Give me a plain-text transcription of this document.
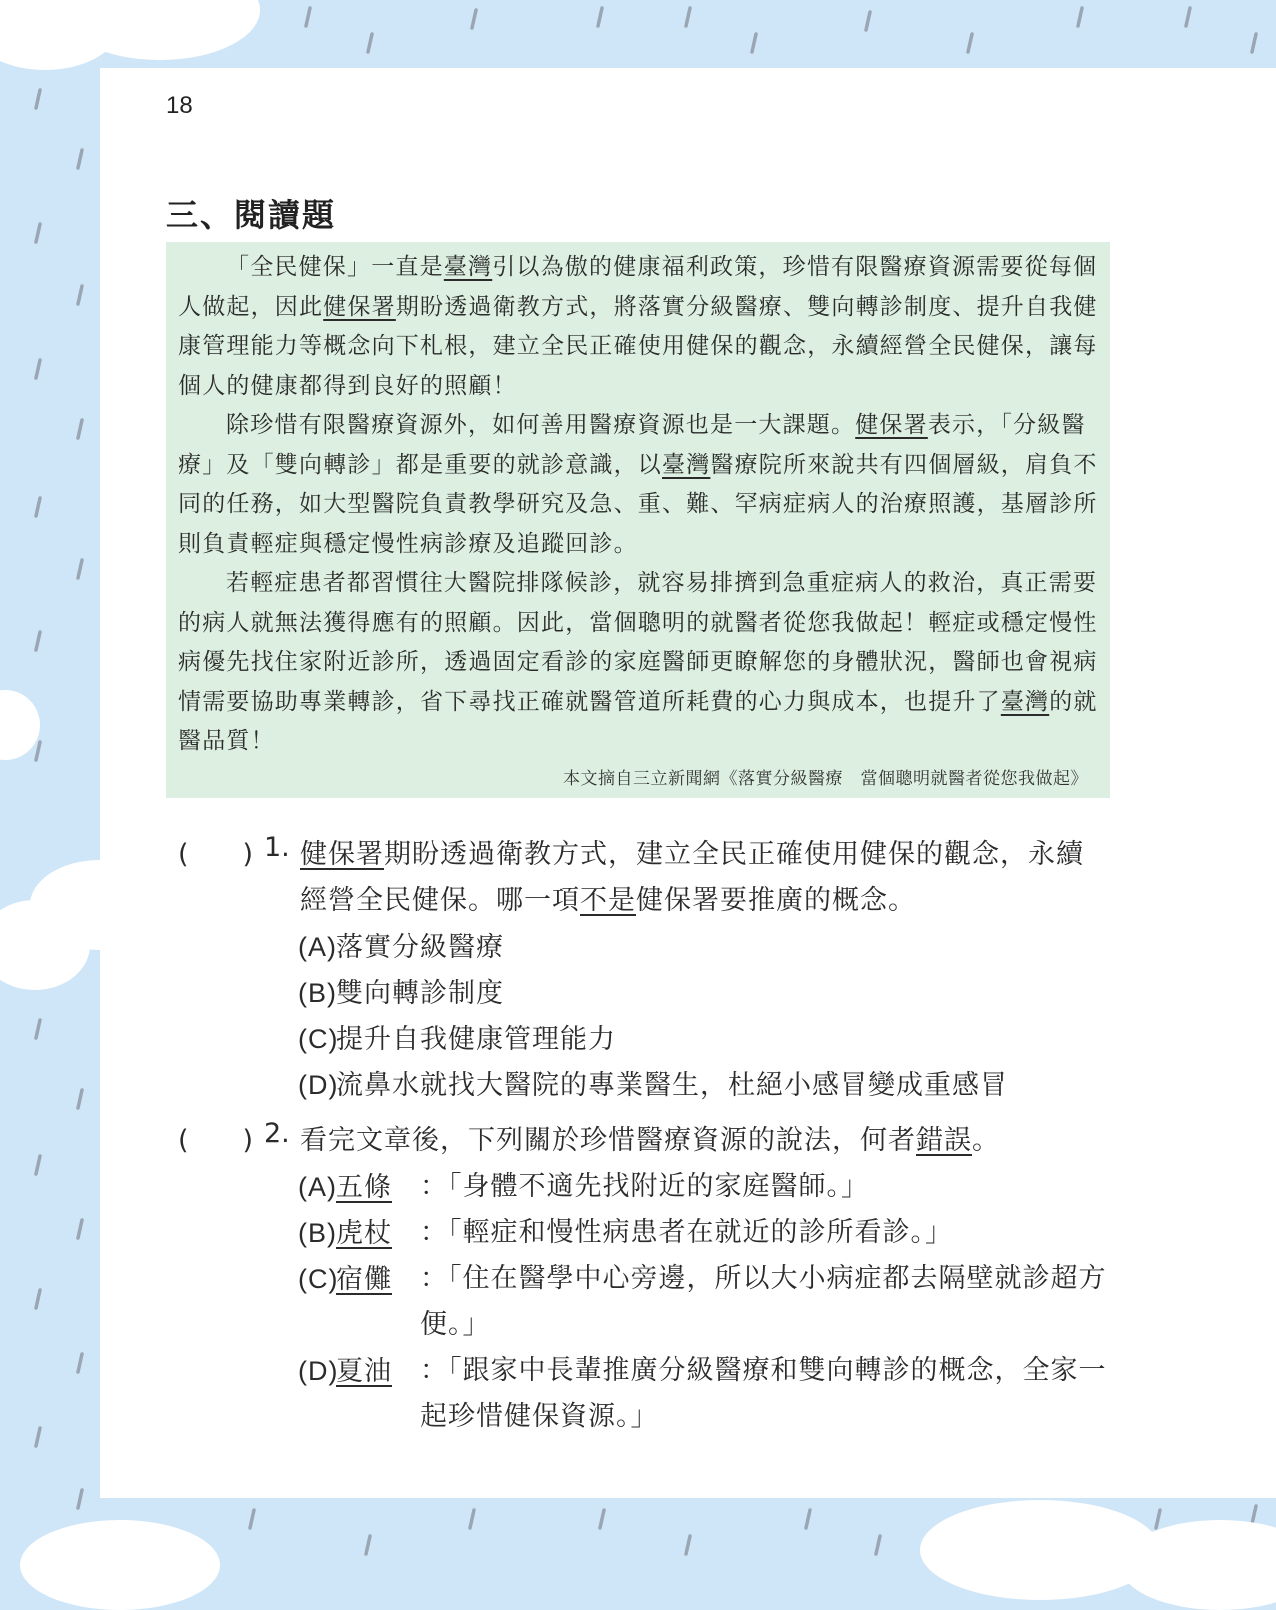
18
三、閱讀題

「全民健保」一直是臺灣引以為傲的健康福利政策，珍惜有限醫療資源需要從每個人做起，因此健保署期盼透過衛教方式，將落實分級醫療、雙向轉診制度、提升自我健康管理能力等概念向下札根，建立全民正確使用健保的觀念，永續經營全民健保，讓每個人的健康都得到良好的照顧！

除珍惜有限醫療資源外，如何善用醫療資源也是一大課題。健保署表示，「分級醫療」及「雙向轉診」都是重要的就診意識，以臺灣醫療院所來說共有四個層級，肩負不同的任務，如大型醫院負責教學研究及急、重、難、罕病症病人的治療照護，基層診所則負責輕症與穩定慢性病診療及追蹤回診。

若輕症患者都習慣往大醫院排隊候診，就容易排擠到急重症病人的救治，真正需要的病人就無法獲得應有的照顧。因此，當個聰明的就醫者從您我做起！輕症或穩定慢性病優先找住家附近診所，透過固定看診的家庭醫師更瞭解您的身體狀況，醫師也會視病情需要協助專業轉診，省下尋找正確就醫管道所耗費的心力與成本，也提升了臺灣的就醫品質！

本文摘自三立新聞網《落實分級醫療　當個聰明就醫者從您我做起》
(　　) 1. 健保署期盼透過衛教方式，建立全民正確使用健保的觀念，永續經營全民健保。哪一項不是健保署要推廣的概念。
(A)落實分級醫療
(B)雙向轉診制度
(C)提升自我健康管理能力
(D)流鼻水就找大醫院的專業醫生，杜絕小感冒變成重感冒
(　　) 2. 看完文章後，下列關於珍惜醫療資源的說法，何者錯誤。
(A)五條 ：「身體不適先找附近的家庭醫師。」
(B)虎杖 ：「輕症和慢性病患者在就近的診所看診。」
(C)宿儺 ：「住在醫學中心旁邊，所以大小病症都去隔壁就診超方便。」
(D)夏油 ：「跟家中長輩推廣分級醫療和雙向轉診的概念，全家一起珍惜健保資源。」
